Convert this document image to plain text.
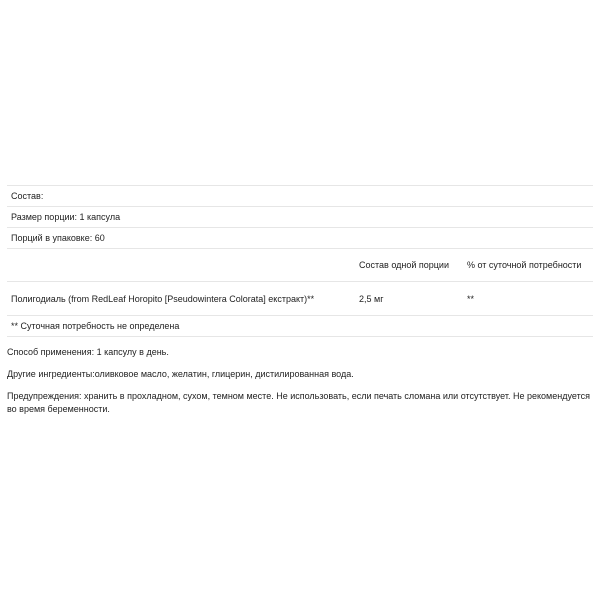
Состав:		
Размер порции: 1 капсула		
Порций в упаковке: 60		
	Состав одной порции	% от суточной потребности
Полигодиаль (from RedLeaf Horopito [Pseudowintera Colorata] екстракт)**	2,5 мг	**
** Суточная потребность не определена		

Способ применения: 1 капсулу в день.

Другие ингредиенты:оливковое масло, желатин, глицерин, дистилированная вода.

Предупреждения: хранить в прохладном, сухом, темном месте. Не использовать, если печать сломана или отсутствует. Не рекомендуется во время беременности.
